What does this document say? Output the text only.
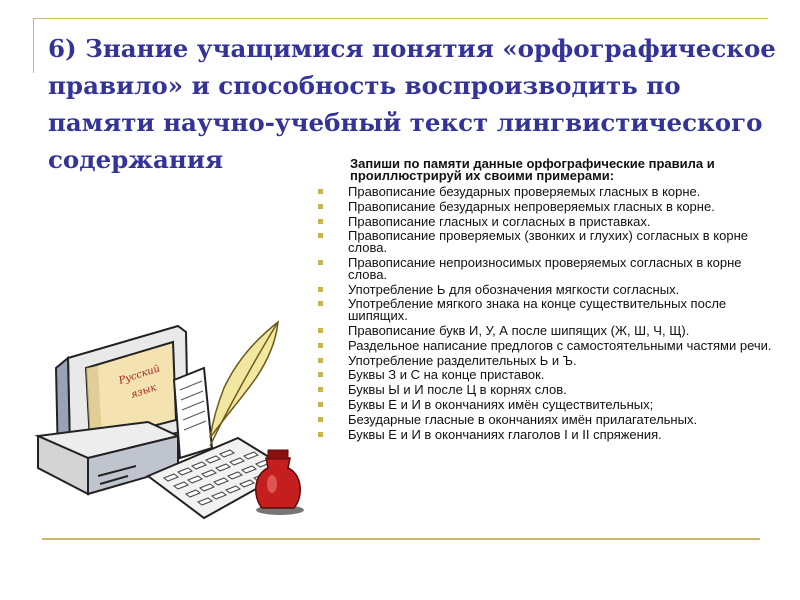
6) Знание учащимися понятия «орфографическое правило» и способность воспроизводить по памяти научно-учебный текст лингвистического содержания	Запиши по памяти данные орфографические правила и проиллюстрируй их своими примерами:

Правописание безударных проверяемых гласных в корне.
Правописание безударных непроверяемых гласных в корне.
Правописание гласных и согласных в приставках.
Правописание проверяемых (звонких и глухих) согласных в корне слова.
Правописание непроизносимых проверяемых согласных в корне слова.
Употребление Ь для обозначения мягкости согласных.
Употребление мягкого знака на конце существительных после шипящих.
Правописание букв И, У, А после шипящих (Ж, Ш, Ч, Щ).
Раздельное написание предлогов с самостоятельными частями речи.
Употребление разделительных Ь и Ъ.
Буквы З и С на конце приставок.
Буквы Ы и И после Ц в корнях слов.
Буквы Е и И в окончаниях имён существительных;
Безударные гласные в окончаниях имён прилагательных.
Буквы Е и И в окончаниях глаголов I и II спряжения.
Русский
язык
